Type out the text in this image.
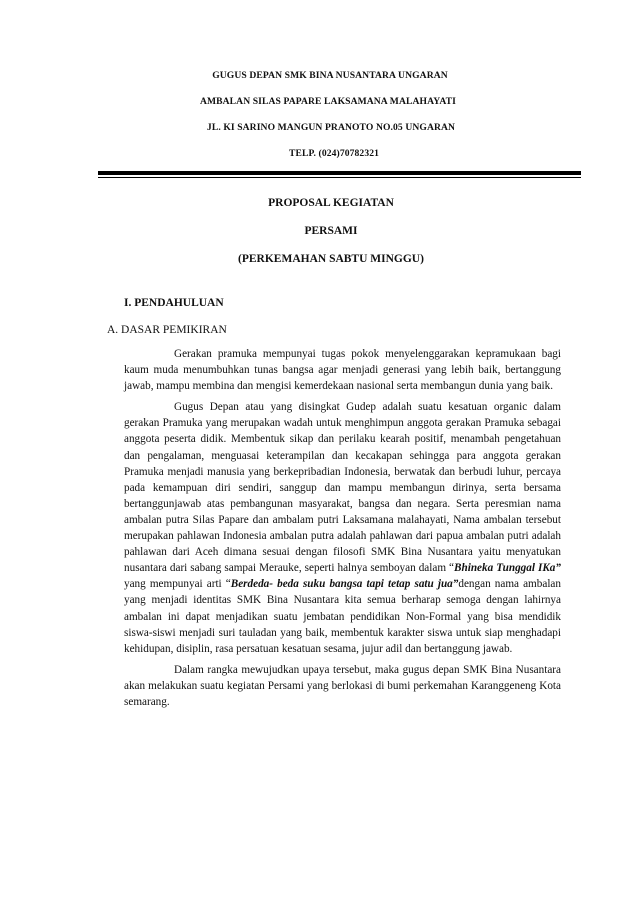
GUGUS DEPAN SMK BINA NUSANTARA UNGARAN
AMBALAN SILAS PAPARE LAKSAMANA MALAHAYATI
JL. KI SARINO MANGUN PRANOTO NO.05 UNGARAN
TELP. (024)70782321
PROPOSAL KEGIATAN
PERSAMI
(PERKEMAHAN SABTU MINGGU)
I. PENDAHULUAN
A. DASAR PEMIKIRAN

Gerakan pramuka mempunyai tugas pokok menyelenggarakan kepramukaan bagi kaum muda menumbuhkan tunas bangsa agar menjadi generasi yang lebih baik, bertanggung jawab, mampu membina dan mengisi kemerdekaan nasional serta membangun dunia yang baik.

Gugus Depan atau yang disingkat Gudep adalah suatu kesatuan organic dalam gerakan Pramuka yang merupakan wadah untuk menghimpun anggota gerakan Pramuka sebagai anggota peserta didik. Membentuk sikap dan perilaku kearah positif, menambah pengetahuan dan pengalaman, menguasai keterampilan dan kecakapan sehingga para anggota gerakan Pramuka menjadi manusia yang berkepribadian Indonesia, berwatak dan berbudi luhur, percaya pada kemampuan diri sendiri, sanggup dan mampu membangun dirinya, serta bersama bertanggunjawab atas pembangunan masyarakat, bangsa dan negara. Serta peresmian nama ambalan putra Silas Papare dan ambalam putri Laksamana malahayati, Nama ambalan tersebut merupakan pahlawan Indonesia ambalan putra adalah pahlawan dari papua ambalan putri adalah pahlawan dari Aceh dimana sesuai dengan filosofi SMK Bina Nusantara yaitu menyatukan nusantara dari sabang sampai Merauke, seperti halnya semboyan dalam “Bhineka Tunggal IKa” yang mempunyai arti “Berdeda- beda suku bangsa tapi tetap satu jua”dengan nama ambalan yang menjadi identitas SMK Bina Nusantara kita semua berharap semoga dengan lahirnya ambalan ini dapat menjadikan suatu jembatan pendidikan Non-Formal yang bisa mendidik siswa-siswi menjadi suri tauladan yang baik, membentuk karakter siswa untuk siap menghadapi kehidupan, disiplin, rasa persatuan kesatuan sesama, jujur adil dan bertanggung jawab.

Dalam rangka mewujudkan upaya tersebut, maka gugus depan SMK Bina Nusantara akan melakukan suatu kegiatan Persami yang berlokasi di bumi perkemahan Karanggeneng Kota semarang.
